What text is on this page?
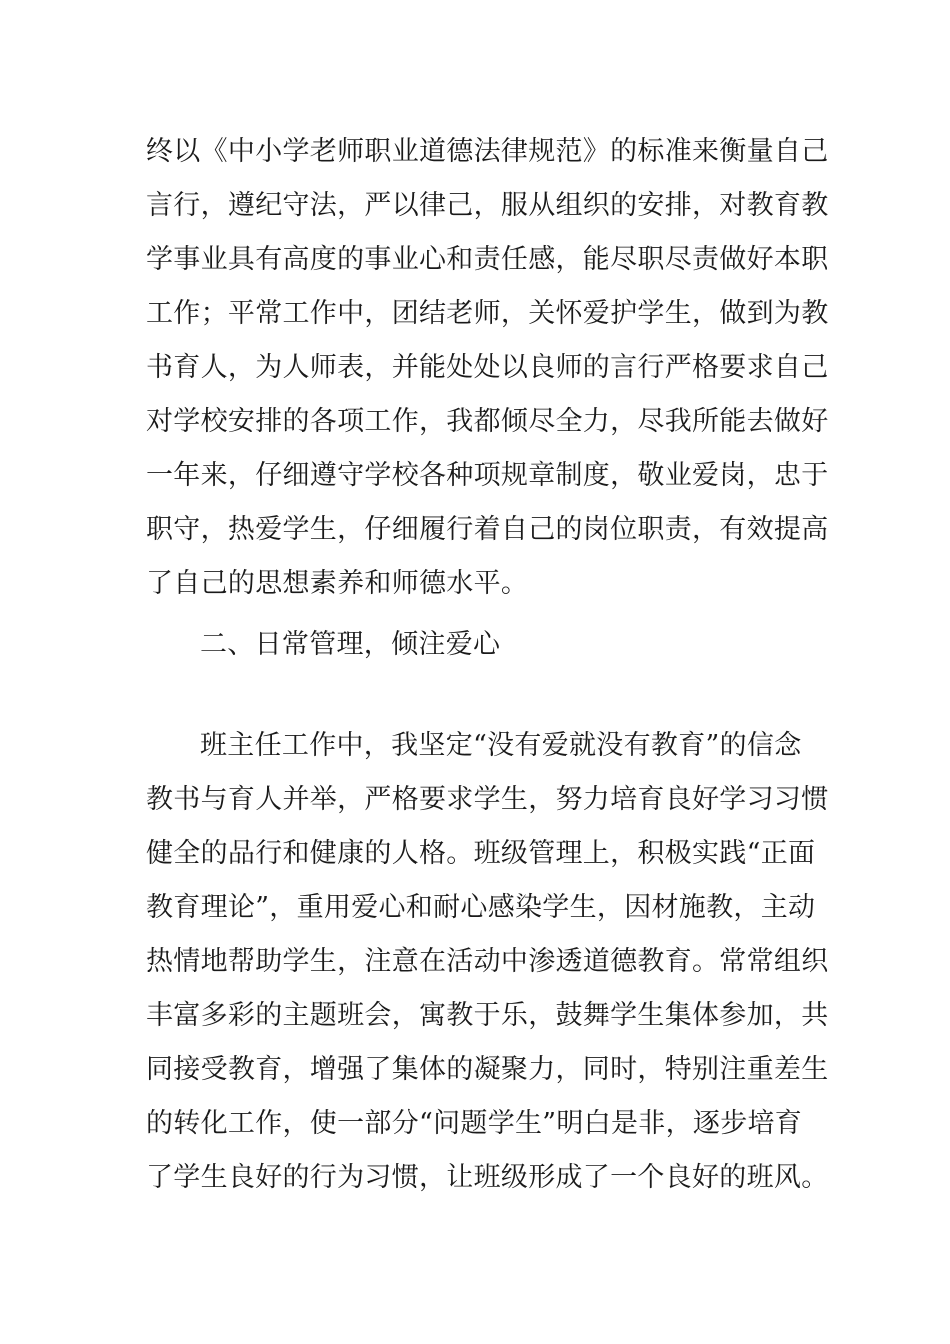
终以《中小学老师职业道德法律规范》的标准来衡量自己
言行，遵纪守法，严以律己，服从组织的安排，对教育教
学事业具有高度的事业心和责任感，能尽职尽责做好本职
工作；平常工作中，团结老师，关怀爱护学生，做到为教
书育人，为人师表，并能处处以良师的言行严格要求自己
对学校安排的各项工作，我都倾尽全力，尽我所能去做好
一年来，仔细遵守学校各种项规章制度，敬业爱岗，忠于
职守，热爱学生，仔细履行着自己的岗位职责，有效提高
了自己的思想素养和师德水平。
二、日常管理，倾注爱心
班主任工作中，我坚定“没有爱就没有教育”的信念
教书与育人并举，严格要求学生，努力培育良好学习习惯
健全的品行和健康的人格。班级管理上，积极实践“正面
教育理论”，重用爱心和耐心感染学生，因材施教，主动
热情地帮助学生，注意在活动中渗透道德教育。常常组织
丰富多彩的主题班会，寓教于乐，鼓舞学生集体参加，共
同接受教育，增强了集体的凝聚力，同时，特别注重差生
的转化工作，使一部分“问题学生”明白是非，逐步培育
了学生良好的行为习惯，让班级形成了一个良好的班风。
